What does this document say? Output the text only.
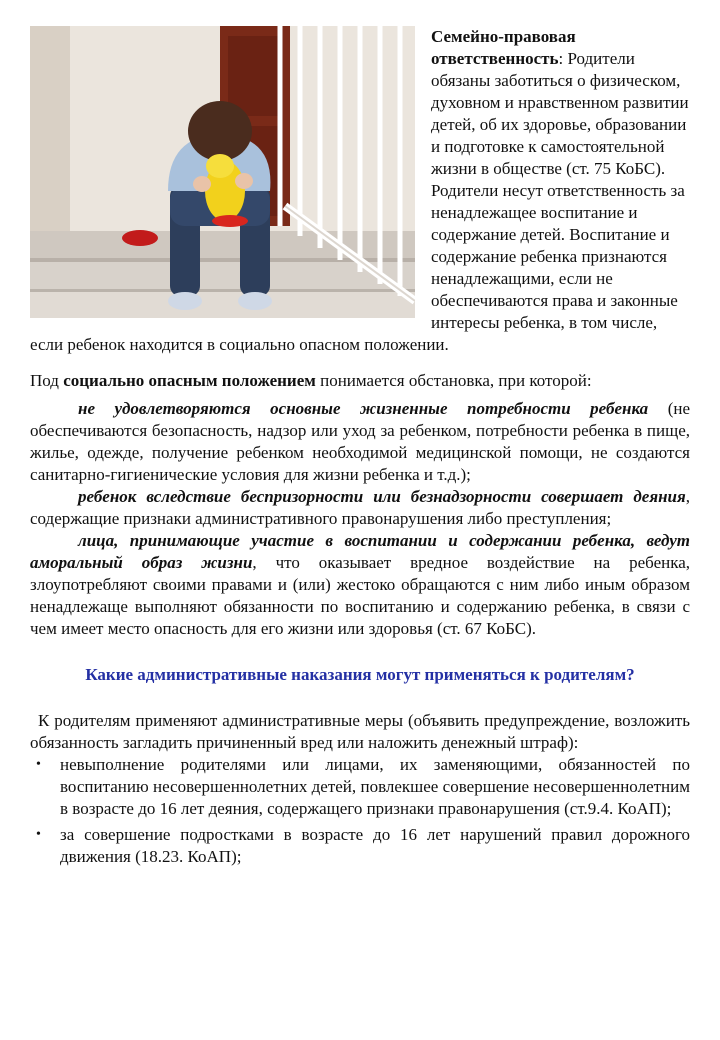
Семейно-правовая ответственность: Родители обязаны заботиться о физическом, духовном и нравственном развитии детей, об их здоровье, образовании и подготовке к самостоятельной жизни в обществе (ст. 75 КоБС). Родители несут ответственность за ненадлежащее воспитание и содержание детей. Воспитание и содержание ребенка признаются ненадлежащими, если не обеспечиваются права и законные интересы ребенка, в том числе, если ребенок находится в социально опасном положении.

Под социально опасным положением понимается обстановка, при которой:

не удовлетворяются основные жизненные потребности ребенка (не обеспечиваются безопасность, надзор или уход за ребенком, потребности ребенка в пище, жилье, одежде, получение ребенком необходимой медицинской помощи, не создаются санитарно-гигиенические условия для жизни ребенка и т.д.);

ребенок вследствие беспризорности или безнадзорности совершает деяния, содержащие признаки административного правонарушения либо преступления;

лица, принимающие участие в воспитании и содержании ребенка, ведут аморальный образ жизни, что оказывает вредное воздействие на ребенка, злоупотребляют своими правами и (или) жестоко обращаются с ним либо иным образом ненадлежаще выполняют обязанности по воспитанию и содержанию ребенка, в связи с чем имеет место опасность для его жизни или здоровья (ст. 67 КоБС).

Какие административные наказания могут применяться к родителям?

К родителям применяют административные меры (объявить предупреждение, возложить обязанность загладить причиненный вред или наложить денежный штраф):

• невыполнение родителями или лицами, их заменяющими, обязанностей по воспитанию несовершеннолетних детей, повлекшее совершение несовершеннолетним в возрасте до 16 лет деяния, содержащего признаки правонарушения (ст.9.4. КоАП);
• за совершение подростками в возрасте до 16 лет нарушений правил дорожного движения (18.23. КоАП);
